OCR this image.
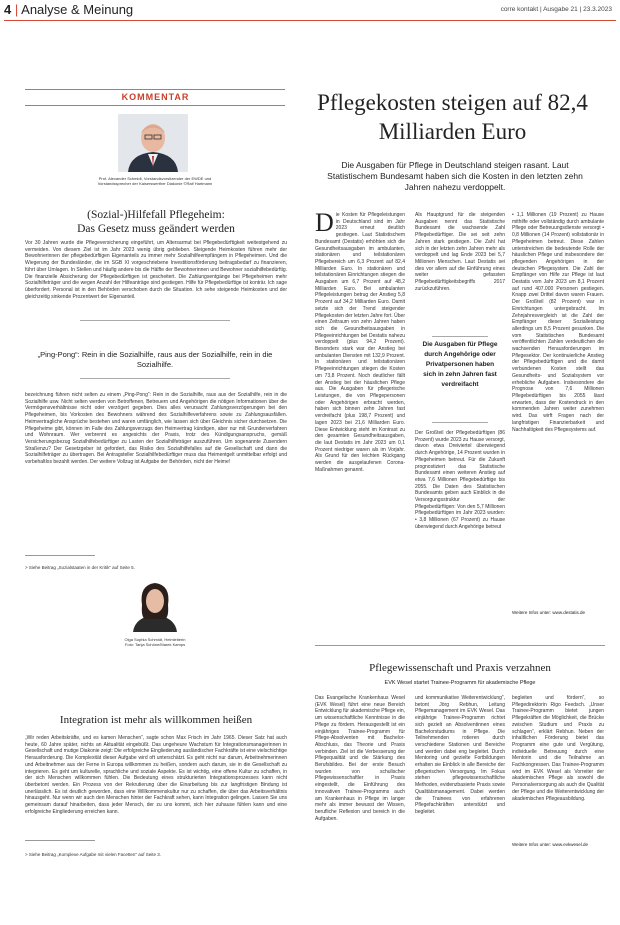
4 | Analyse & Meinung	corre kontakt | Ausgabe 21 | 23.3.2023
KOMMENTAR
Prof. Alexander Schmidt, Vorstandsvorsitzender der EWDE und Vorstandssprecher der Kaiserswerther Diakonie ©Ralf Hartmann
(Sozial-)Hilfefall Pflegeheim:
Das Gesetz muss geändert werden
Vor 30 Jahren wurde die Pflegeversicherung eingeführt, um Altersarmut bei Pflegebedürftigkeit weitestgehend zu vermeiden. Von diesem Ziel ist im Jahr 2023 wenig übrig geblieben. Steigende Heimkosten führen mehr der Bewohnerinnen der pflegebedürftigen Eigenanteils zu immer mehr Sozialhilfeempfängern in Pflegeheimen. Und die Wiegerung der Bundesländer, die im SGB XI vorgeschriebene Investitionsförderung beitragsbedarf zu finanzieren, führt über Umlagen. In Stellen und häufig andere bis die Hälfte der Bewohnerinnen und Bewohner sozialhilfebedürftig. Die finanzielle Absicherung der Pflegebedürftigen ist gescheitert. Die Zahlungsentgänge bei Pflegeheimen mehr Sozialhilfeträger und die wegen Anzahl der Hilfeanträge sind gestiegen. Hilfe für Pflegebedürftige ist konträr. Ich sage überfordert. Personal ist in den Behörden verschoben durch die Situation. Ich sehe steigende Heimkosten und der gleichzeitig sinkende Prozentwert der Eigenanteil.
„Ping-Pong“: Rein in die Sozialhilfe, raus aus der Sozialhilfe, rein in die Sozialhilfe.
bezeichnung führen nicht selten zu einem „Ping-Pong“: Rein in die Sozialhilfe, raus aus der Sozialhilfe, rein in die Sozialhilfe usw. Nicht selten werden von Betroffenen, Betreuern und Angehörigen die nötigen Informationen über die Vermögensverhältnisse nicht oder verzögert gegeben. Dies alles verursacht Zahlungsverzögerungen bei den Pflegeheimen, bis Vorkosten des Bewohners während des Sozialhilfeverfahrens sowie zu Zahlungsausfällen. Heimvertragliche Ansprüche bestehen und waren umfänglich, wie lassen sich über Gleichnis sicher durchsetzen. Die Pflegeheime gibt, können im Falle des Zahlungsverzugs den Heimvertrag kündigen, aber nur mit Grunderverfahren und Wohnraum. Wer verbrennt es angesichts der Praxis, trotz des Kündigungsanspruchs, gemäß Versicherungsbezug Sozialhilfebedürftiger zu Lasten der Sozialhilfeträger auszuführen. Um sogenannte Zusendern Straßenzu? Der Gesetzgeber ist gefordert, das Risiko des Sozialhilfefalles auf die Gesellschaft und dann die Sozialhilfeträger zu übertragen. Bei Antragsteller Sozialhilfebedürftiger muss das Heimentgelt unmittelbar erfolgt und vorbehaltlos bezahlt werden. Der weitere Vollzug ist Aufgabe der Behörden, nicht der Heime!
> Siehe Beitrag „Sozialstaaten in der Kritik“ auf Seite 5.
Olga Sophia Schmidt, Heimleiterin
Foto: Tanja Schöne/Marek Kamps
Integration ist mehr als willkommen heißen
„Wir reden Arbeitskräfte, und es kamen Menschen“, sagte schon Max Frisch im Jahr 1965. Dieser Satz hat auch heute, 60 Jahre später, nichts an Aktualität eingebüßt. Das ungeheure Wachstum für Integrationsmanagerinnen in Gesellschaft und mutige Diakonie zeigt: Die erfolgreiche Eingliederung ausländischer Fachkräfte ist eine vielschichtige Herausforderung. Die Komplexität dieser Aufgabe wird oft unterschätzt. Es geht nicht nur darum, Arbeitnehmerinnen und Arbeitnehmer aus der Ferne in Europa willkommen zu heißen, sondern auch darum, sie in die Gesellschaft zu integrieren. Es geht um kulturelle, sprachliche und soziale Aspekte. Es ist wichtig, eine offene Kultur zu schaffen, in der sich Menschen willkommen fühlen. Die Bedeutung eines strukturierten Integrationsprozesses kann nicht überbetont werden. Ein Prozess von der Rekrutierung über die Einarbeitung bis zur langfristigen Bindung ist unerlässlich. Es ist deutlich geworden, dass eine Willkommenskultur nur zu schaffen, die über das Arbeitsverhältnis hinausgeht. Nur wenn wir auch den Menschen hinter der Fachkraft sehen, kann Integration gelingen. Lassen Sie uns gemeinsam darauf hinarbeiten, dass jeder Mensch, der zu uns kommt, sich hier zuhause fühlen kann und eine erfolgreiche Eingliederung erreichen kann.
> Siehe Beitrag „Komplexe Aufgabe mit vielen Facetten“ auf Seite 3.
Pflegekosten steigen auf 82,4 Milliarden Euro
Die Ausgaben für Pflege in Deutschland steigen rasant. Laut Statistischem Bundesamt haben sich die Kosten in den letzten zehn Jahren nahezu verdoppelt.
Die Kosten für Pflegeleistungen in Deutschland sind im Jahr 2023 erneut deutlich gestiegen. Laut Statistischem Bundesamt (Destatis) erhöhten sich die Gesundheitsausgaben im ambulanten, stationären und teilstationären Pflegebereich um 6,3 Prozent auf 82,4 Milliarden Euro. In stationären und teilstationären Einrichtungen stiegen die Ausgaben um 6,7 Prozent auf 48,2 Milliarden Euro. Bei ambulanten Pflegeleistungen betrug der Anstieg 5,8 Prozent auf 34,2 Milliarden Euro. Damit setzte sich der Trend steigender Pflegekosten der letzten Jahre fort. Über einen Zeitraum von zehn Jahren haben sich die Gesundheitsausgaben in Pflegeeinrichtungen bei Destatis nahezu verdoppelt (plus 94,2 Prozent). Besonders stark war der Anstieg bei ambulanten Diensten mit 132,9 Prozent. In stationären und teilstationären Pflegeeinrichtungen stiegen die Kosten um 73,8 Prozent. Noch deutlicher fällt der Anstieg bei der häuslichen Pflege aus. Die Ausgaben für pflegerische Leistungen, die von Pflegepersonen oder Angehörigen erbracht werden, haben sich binnen zehn Jahren fast verdreifacht (plus 198,7 Prozent) und lagen 2023 bei 21,6 Milliarden Euro. Diese Entwicklung steht im Kontrast zu den gesamten Gesundheitsausgaben, die laut Destatis im Jahr 2023 um 0,1 Prozent niedriger waren als im Vorjahr. Als Grund für den leichten Rückgang werden die ausgelaufenen Corona-Maßnahmen genannt.
Als Hauptgrund für die steigenden Ausgaben nennt das Statistische Bundesamt die wachsende Zahl Pflegebedürftiger. Die sei seit zehn Jahren stark gestiegen. Die Zahl hat sich in der letzten zehn Jahren mehr als verdoppelt und lag Ende 2023 bei 5,7 Millionen Menschen. Laut Destatis sei dies vor allem auf die Einführung eines weiter gefassten Pflegebedürftigkeitsbegriffs 2017 zurückzuführen.
Die Ausgaben für Pflege durch Angehörige oder Privatpersonen haben sich in zehn Jahren fast verdreifacht
Der Großteil der Pflegebedürftigen (86 Prozent) wurde 2023 zu Hause versorgt, davon etwa Dreiviertel überwiegend durch Angehörige, 14 Prozent wurden in Pflegeheimen betreut. Für die Zukunft prognostiziert das Statistische Bundesamt einen weiteren Anstieg auf etwa 7,6 Millionen Pflegebedürftige bis 2055. Die Daten des Statistischen Bundesamts geben auch Einblick in die Versorgungsstruktur der Pflegebedürftigen: Von den 5,7 Millionen Pflegebedürftigen im Jahr 2023 wurden: • 3,8 Millionen (67 Prozent) zu Hause überwiegend durch Angehörige betreut
• 1,1 Millionen (19 Prozent) zu Hause mithilfe oder vollständig durch ambulante Pflege oder Betreuungsdienste versorgt • 0,8 Millionen (14 Prozent) vollstationär in Pflegeheimen betreut. Diese Zahlen unterstreichen die bedeutende Rolle der häuslichen Pflege und insbesondere der pflegenden Angehörigen in der deutschen Pflegesystem. Die Zahl der Empfänger von Hilfe zur Pflege ist laut Destatis vom Jahr 2023 um 8,1 Prozent auf rund 407.000 Personen gestiegen. Knapp zwei Drittel davon waren Frauen. Der Großteil (82 Prozent) war in Einrichtungen untergebracht. Im Zehnjahresvergleich ist die Zahl der Empfänger dieser Sozialleistung allerdings um 8,5 Prozent gesunken. Die vom Statistischen Bundesamt veröffentlichten Zahlen verdeutlichen die wachsenden Herausforderungen im Pflegesektor. Der kontinuierliche Anstieg der Pflegebedürftigen und die damit verbundenen Kosten stellt das Gesundheits- und Sozialsystem vor erhebliche Aufgaben. Insbesondere die Prognose von 7,6 Millionen Pflegebedürftigen bis 2055 lässt erwarten, dass der Kostendruck in den kommenden Jahren weiter zunehmen wird. Das wirft Fragen nach der langfristigen Finanzierbarkeit und Nachhaltigkeit des Pflegesystems auf.
Weitere Infos unter: www.destatis.de
Pflegewissenschaft und Praxis verzahnen
EVK Wesel startet Trainee-Programm für akademische Pflege
Das Evangelische Krankenhaus Wesel (EVK Wesel) führt eine neue Bereich Entwicklung für akademische Pflege ein, um wissenschaftliche Kenntnisse in die Pflege zu fördern. Herausgestellt ist ein einjähriges Trainee-Programm für Pflege-Absolventen mit Bachelor-Abschluss, das Theorie und Praxis verbinden. Ziel ist die Verbesserung der Pflegequalität und die Stärkung des Berufsbildes. Bei der erste Besuch wurden von schulischer Pflegewissenschaftler in Praxis eingestellt, die Einführung des innovativen Trainee-Programms auch am Krankenhaus in Pflege im langer mehr als immer bewusst der Wissen, berufliche Reflexion und bereich in die Aufgaben.
und kommunikative Weiterentwicklung“, betont Jörg Rebhun, Leitung Pflegemanagement im EVK Wesel. Das einjährige Trainee-Programm richtet sich gezielt an Absolventinnen eines Bachelorstudiums in Pflege. Die Teilnehmenden rotieren durch verschiedene Stationen und Bereiche und werden dabei eng begleitet. Durch Mentoring und gezielte Fortbildungen erhalten sie Einblick in alle Bereiche der pflegerischen Versorgung. Im Fokus stehen pflegewissenschaftliche Methoden, evidenzbasierte Praxis sowie Qualitätsmanagement. Dabei werden die Trainees von erfahrenen Pflegefachkräften unterstützt und begleitet.
begleiten und fördern“, so Pflegedirektorin Rigo Feedsch. „Unser Trainee-Programm bietet jungen Pflegekräften die Möglichkeit, die Brücke zwischen Studium und Praxis zu schlagen“, erklärt Rebhun. Neben der inhaltlichen Förderung bietet das Programm eine gute und Vergütung, individuelle Betreuung durch eine Mentorin und die Teilnahme an Fachkongressen. Das Trainee-Programm wird im EVK Wesel als Vorreiter der akademischen Pflege als sowohl die Personalversorgung als auch die Qualität der Pflege und die Weiterentwicklung der akademischen Pflegeausbildung.
Weitere Infos unter: www.evkwesel.de
